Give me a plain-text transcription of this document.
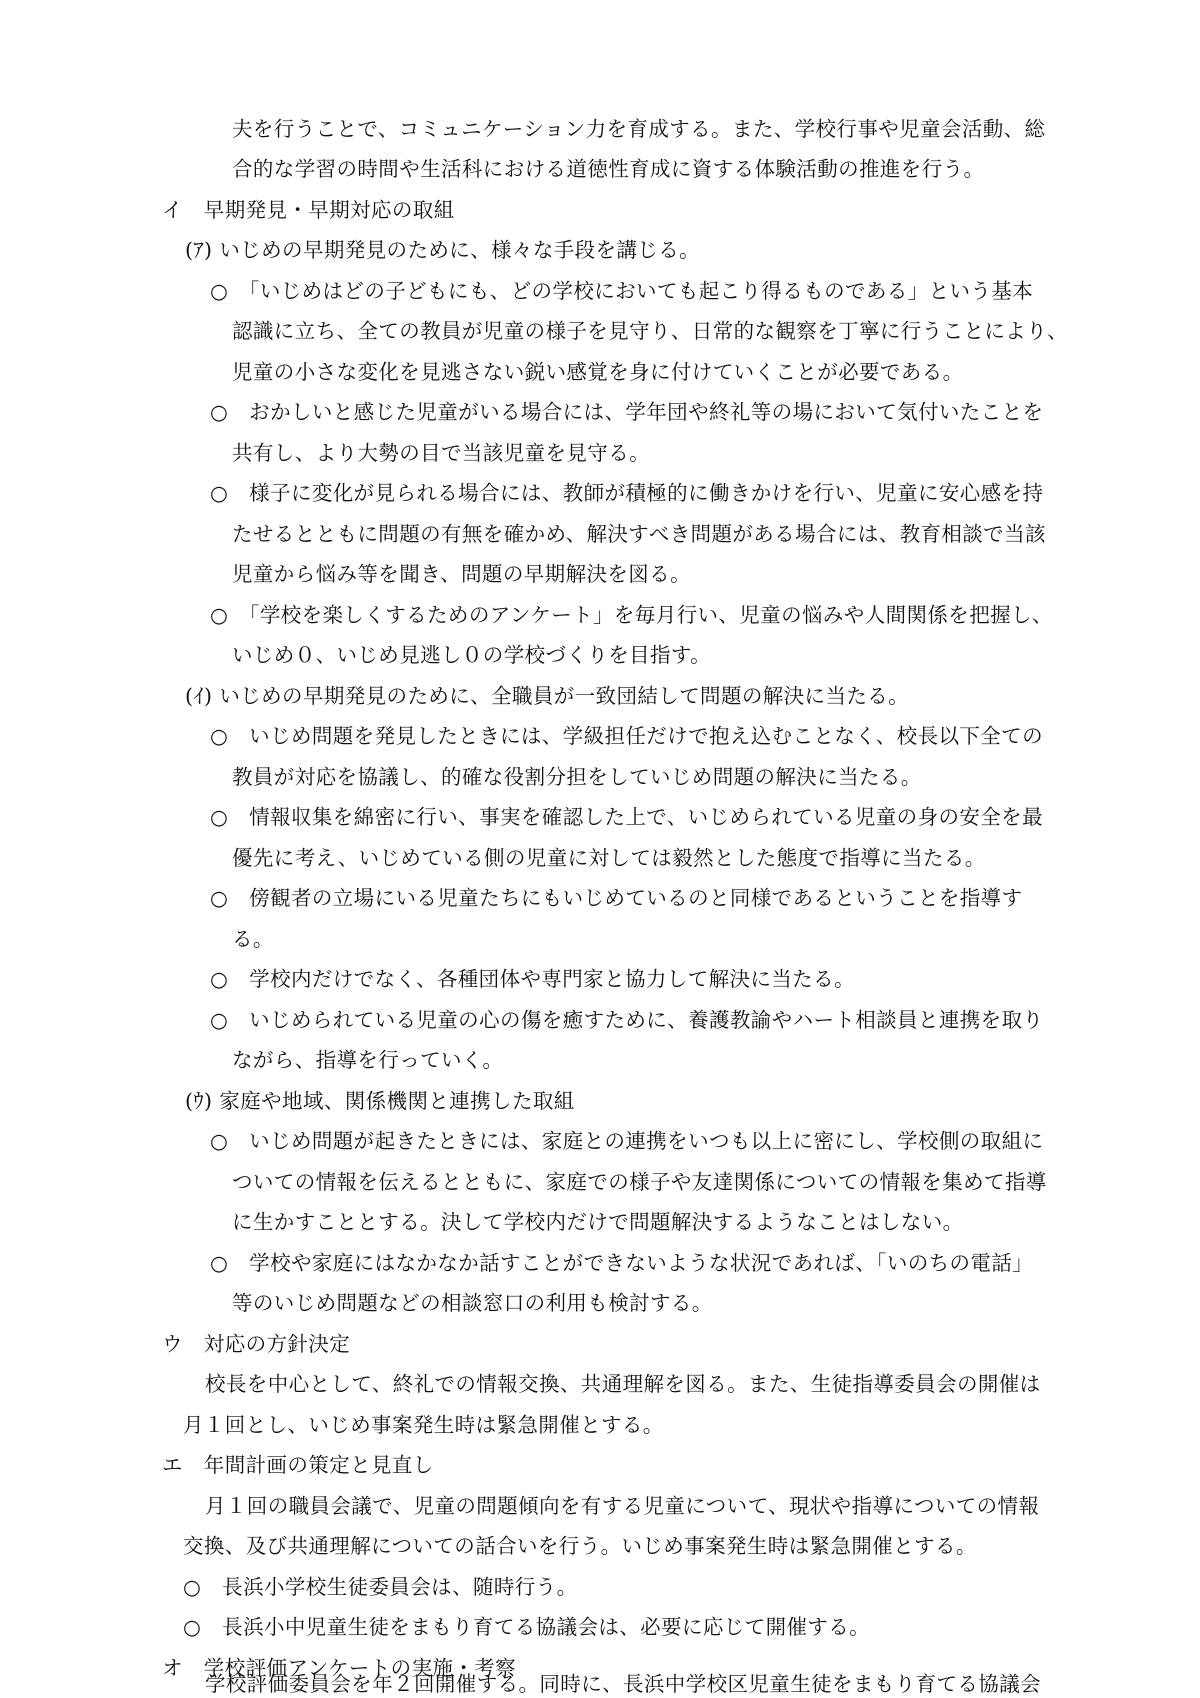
夫を行うことで、コミュニケーション力を育成する。また、学校行事や児童会活動、総
合的な学習の時間や生活科における道徳性育成に資する体験活動の推進を行う。
イ　早期発見・早期対応の取組
(ｱ) いじめの早期発見のために、様々な手段を講じる。
○　「いじめはどの子どもにも、どの学校においても起こり得るものである」という基本
認識に立ち、全ての教員が児童の様子を見守り、日常的な観察を丁寧に行うことにより、
児童の小さな変化を見逃さない鋭い感覚を身に付けていくことが必要である。
○　おかしいと感じた児童がいる場合には、学年団や終礼等の場において気付いたことを
共有し、より大勢の目で当該児童を見守る。
○　様子に変化が見られる場合には、教師が積極的に働きかけを行い、児童に安心感を持
たせるとともに問題の有無を確かめ、解決すべき問題がある場合には、教育相談で当該
児童から悩み等を聞き、問題の早期解決を図る。
○　「学校を楽しくするためのアンケート」を毎月行い、児童の悩みや人間関係を把握し、
いじめ０、いじめ見逃し０の学校づくりを目指す。
(ｲ) いじめの早期発見のために、全職員が一致団結して問題の解決に当たる。
○　いじめ問題を発見したときには、学級担任だけで抱え込むことなく、校長以下全ての
教員が対応を協議し、的確な役割分担をしていじめ問題の解決に当たる。
○　情報収集を綿密に行い、事実を確認した上で、いじめられている児童の身の安全を最
優先に考え、いじめている側の児童に対しては毅然とした態度で指導に当たる。
○　傍観者の立場にいる児童たちにもいじめているのと同様であるということを指導す
る。
○　学校内だけでなく、各種団体や専門家と協力して解決に当たる。
○　いじめられている児童の心の傷を癒すために、養護教諭やハート相談員と連携を取り
ながら、指導を行っていく。
(ｳ) 家庭や地域、関係機関と連携した取組
○　いじめ問題が起きたときには、家庭との連携をいつも以上に密にし、学校側の取組に
ついての情報を伝えるとともに、家庭での様子や友達関係についての情報を集めて指導
に生かすこととする。決して学校内だけで問題解決するようなことはしない。
○　学校や家庭にはなかなか話すことができないような状況であれば、「いのちの電話」
等のいじめ問題などの相談窓口の利用も検討する。
ウ　対応の方針決定
校長を中心として、終礼での情報交換、共通理解を図る。また、生徒指導委員会の開催は
月１回とし、いじめ事案発生時は緊急開催とする。
エ　年間計画の策定と見直し
月１回の職員会議で、児童の問題傾向を有する児童について、現状や指導についての情報
交換、及び共通理解についての話合いを行う。いじめ事案発生時は緊急開催とする。
○　長浜小学校生徒委員会は、随時行う。
○　長浜小中児童生徒をまもり育てる協議会は、必要に応じて開催する。
オ　学校評価アンケートの実施・考察
学校評価委員会を年２回開催する。同時に、長浜中学校区児童生徒をまもり育てる協議会
